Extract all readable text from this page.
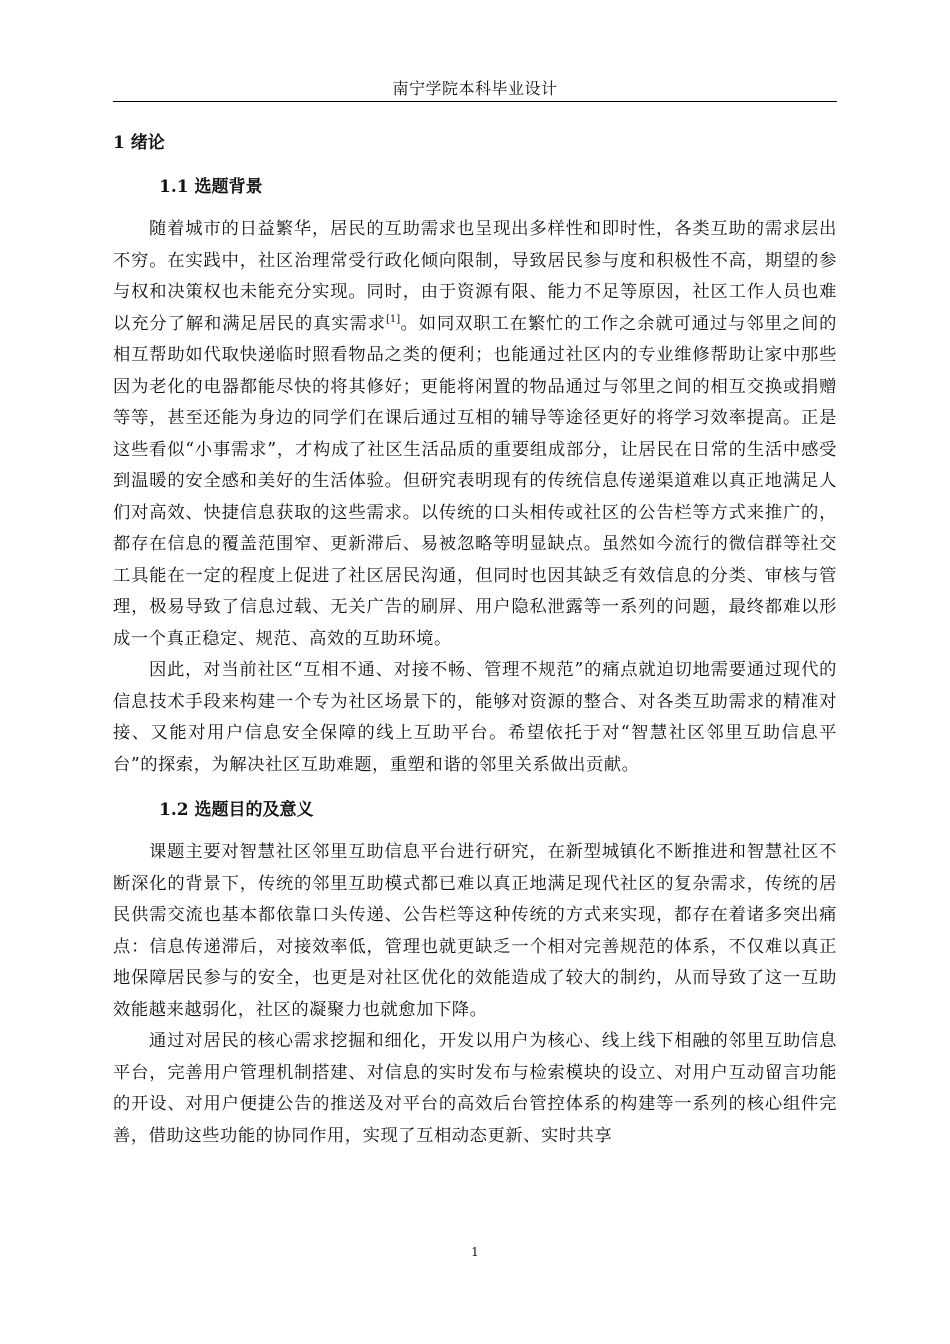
南宁学院本科毕业设计
1 绪论
1.1 选题背景

随着城市的日益繁华，居民的互助需求也呈现出多样性和即时性，各类互助的需求层出不穷。在实践中，社区治理常受行政化倾向限制，导致居民参与度和积极性不高，期望的参与权和决策权也未能充分实现。同时，由于资源有限、能力不足等原因，社区工作人员也难以充分了解和满足居民的真实需求[1]。如同双职工在繁忙的工作之余就可通过与邻里之间的相互帮助如代取快递临时照看物品之类的便利；也能通过社区内的专业维修帮助让家中那些因为老化的电器都能尽快的将其修好；更能将闲置的物品通过与邻里之间的相互交换或捐赠等等，甚至还能为身边的同学们在课后通过互相的辅导等途径更好的将学习效率提高。正是这些看似“小事需求”，才构成了社区生活品质的重要组成部分，让居民在日常的生活中感受到温暖的安全感和美好的生活体验。但研究表明现有的传统信息传递渠道难以真正地满足人们对高效、快捷信息获取的这些需求。以传统的口头相传或社区的公告栏等方式来推广的，都存在信息的覆盖范围窄、更新滞后、易被忽略等明显缺点。虽然如今流行的微信群等社交工具能在一定的程度上促进了社区居民沟通，但同时也因其缺乏有效信息的分类、审核与管理，极易导致了信息过载、无关广告的刷屏、用户隐私泄露等一系列的问题，最终都难以形成一个真正稳定、规范、高效的互助环境。

因此，对当前社区“互相不通、对接不畅、管理不规范”的痛点就迫切地需要通过现代的信息技术手段来构建一个专为社区场景下的，能够对资源的整合、对各类互助需求的精准对接、又能对用户信息安全保障的线上互助平台。希望依托于对“智慧社区邻里互助信息平台”的探索，为解决社区互助难题，重塑和谐的邻里关系做出贡献。

1.2 选题目的及意义

课题主要对智慧社区邻里互助信息平台进行研究，在新型城镇化不断推进和智慧社区不断深化的背景下，传统的邻里互助模式都已难以真正地满足现代社区的复杂需求，传统的居民供需交流也基本都依靠口头传递、公告栏等这种传统的方式来实现，都存在着诸多突出痛点：信息传递滞后，对接效率低，管理也就更缺乏一个相对完善规范的体系，不仅难以真正地保障居民参与的安全，也更是对社区优化的效能造成了较大的制约，从而导致了这一互助效能越来越弱化，社区的凝聚力也就愈加下降。

通过对居民的核心需求挖掘和细化，开发以用户为核心、线上线下相融的邻里互助信息平台，完善用户管理机制搭建、对信息的实时发布与检索模块的设立、对用户互动留言功能的开设、对用户便捷公告的推送及对平台的高效后台管控体系的构建等一系列的核心组件完善，借助这些功能的协同作用，实现了互相动态更新、实时共享

1
